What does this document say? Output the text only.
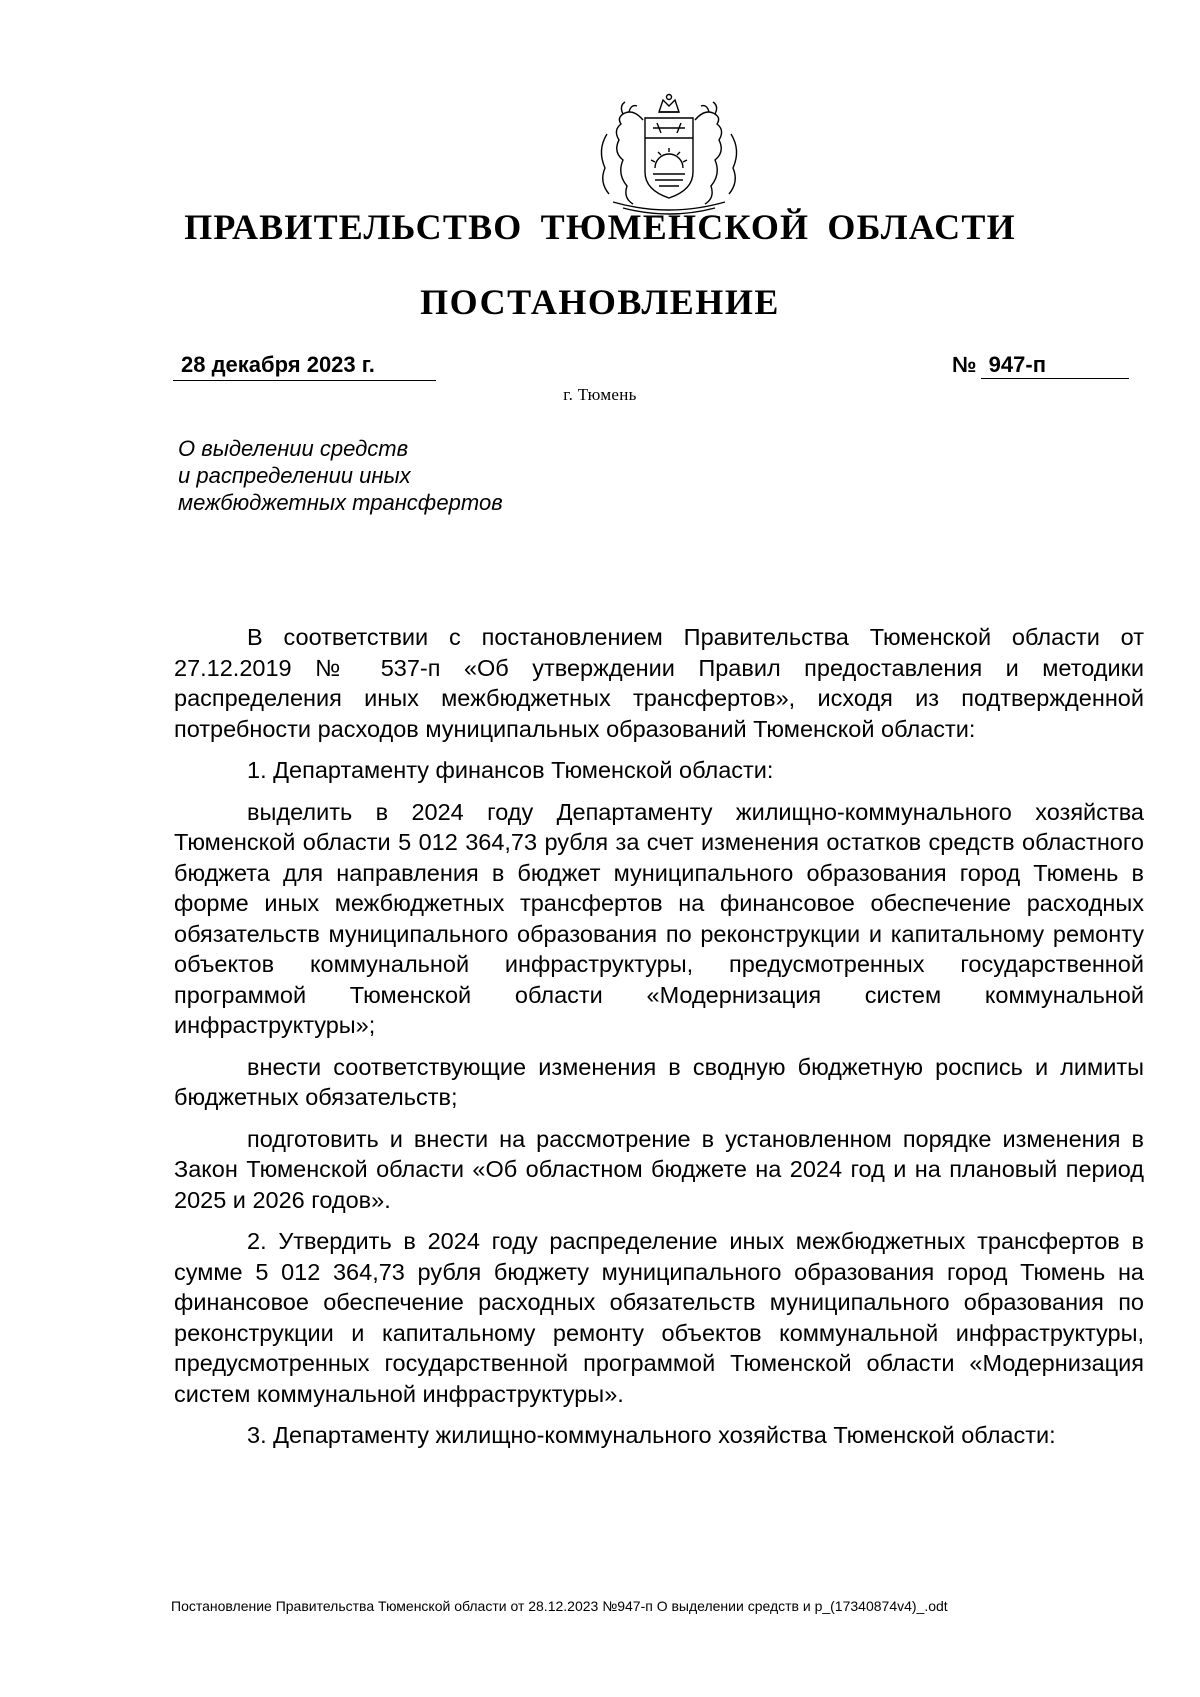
ПРАВИТЕЛЬСТВО ТЮМЕНСКОЙ ОБЛАСТИ
ПОСТАНОВЛЕНИЕ
28 декабря 2023 г.	№ 947-п
г. Тюмень
О выделении средств
и распределении иных
межбюджетных трансфертов

В соответствии с постановлением Правительства Тюменской области от 27.12.2019 № 537-п «Об утверждении Правил предоставления и методики распределения иных межбюджетных трансфертов», исходя из подтвержденной потребности расходов муниципальных образований Тюменской области:

1. Департаменту финансов Тюменской области:

выделить в 2024 году Департаменту жилищно-коммунального хозяйства Тюменской области 5 012 364,73 рубля за счет изменения остатков средств областного бюджета для направления в бюджет муниципального образования город Тюмень в форме иных межбюджетных трансфертов на финансовое обеспечение расходных обязательств муниципального образования по реконструкции и капитальному ремонту объектов коммунальной инфраструктуры, предусмотренных государственной программой Тюменской области «Модернизация систем коммунальной инфраструктуры»;

внести соответствующие изменения в сводную бюджетную роспись и лимиты бюджетных обязательств;

подготовить и внести на рассмотрение в установленном порядке изменения в Закон Тюменской области «Об областном бюджете на 2024 год и на плановый период 2025 и 2026 годов».

2. Утвердить в 2024 году распределение иных межбюджетных трансфертов в сумме 5 012 364,73 рубля бюджету муниципального образования город Тюмень на финансовое обеспечение расходных обязательств муниципального образования по реконструкции и капитальному ремонту объектов коммунальной инфраструктуры, предусмотренных государственной программой Тюменской области «Модернизация систем коммунальной инфраструктуры».

3. Департаменту жилищно-коммунального хозяйства Тюменской области:

Постановление Правительства Тюменской области от 28.12.2023 №947-п О выделении средств и р_(17340874v4)_.odt
